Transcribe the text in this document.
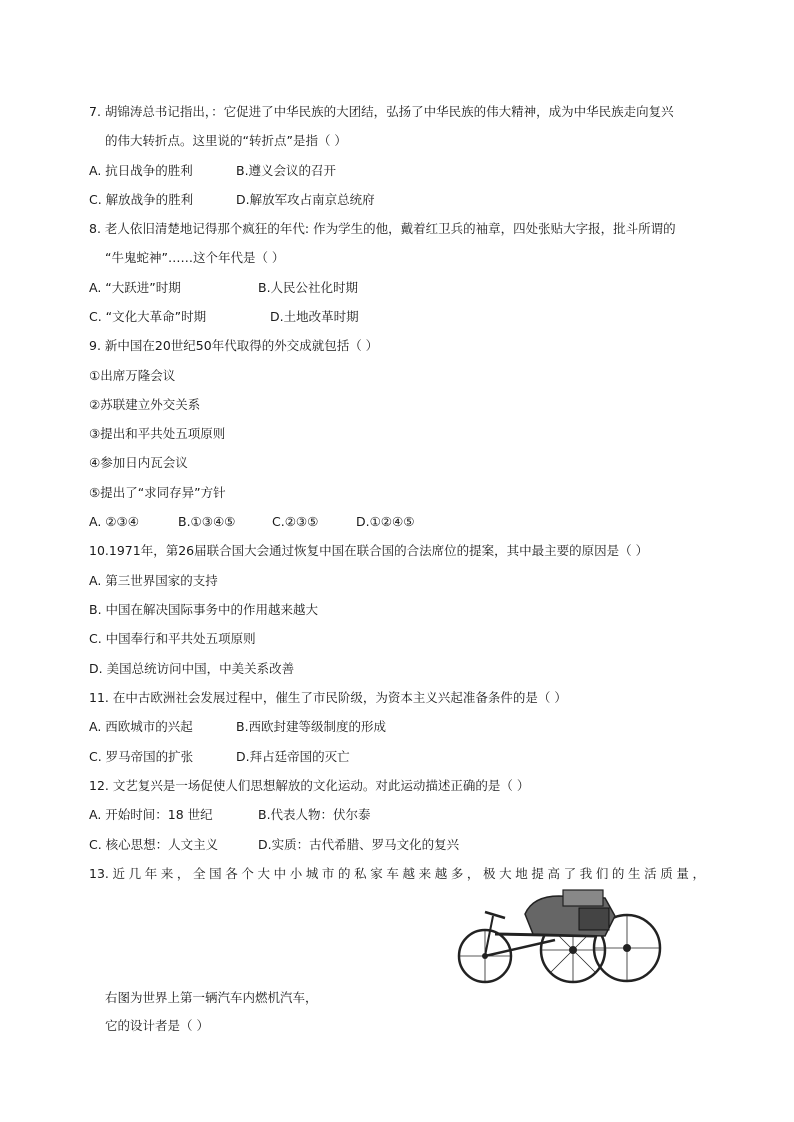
7. 胡锦涛总书记指出，：它促进了中华民族的大团结，弘扬了中华民族的伟大精神，成为中华民族走向复兴
的伟大转折点。这里说的“转折点”是指（ ）
A. 抗日战争的胜利	B.遵义会议的召开
C. 解放战争的胜利	D.解放军攻占南京总统府
8. 老人依旧清楚地记得那个疯狂的年代: 作为学生的他，戴着红卫兵的袖章，四处张贴大字报，批斗所谓的
“牛鬼蛇神”……这个年代是（ ）
A. “大跃进”时期	B.人民公社化时期
C. “文化大革命”时期	D.土地改革时期
9. 新中国在20世纪50年代取得的外交成就包括（ ）
①出席万隆会议
②苏联建立外交关系
③提出和平共处五项原则
④参加日内瓦会议
⑤提出了“求同存异”方针
A. ②③④	B.①③④⑤	C.②③⑤	D.①②④⑤
10.1971年，第26届联合国大会通过恢复中国在联合国的合法席位的提案，其中最主要的原因是（ ）
A. 第三世界国家的支持
B. 中国在解决国际事务中的作用越来越大
C. 中国奉行和平共处五项原则
D. 美国总统访问中国，中美关系改善
11. 在中古欧洲社会发展过程中，催生了市民阶级，为资本主义兴起准备条件的是（ ）
A. 西欧城市的兴起	B.西欧封建等级制度的形成
C. 罗马帝国的扩张	D.拜占廷帝国的灭亡
12. 文艺复兴是一场促使人们思想解放的文化运动。对此运动描述正确的是（ ）
A. 开始时间：18 世纪	B.代表人物：伏尔泰
C. 核心思想：人文主义	D.实质：古代希腊、罗马文化的复兴
13.近几年来，全国各个大中小城市的私家车越来越多，极大地提高了我们的生活质量，
右图为世界上第一辆汽车内燃机汽车，
它的设计者是（ ）
